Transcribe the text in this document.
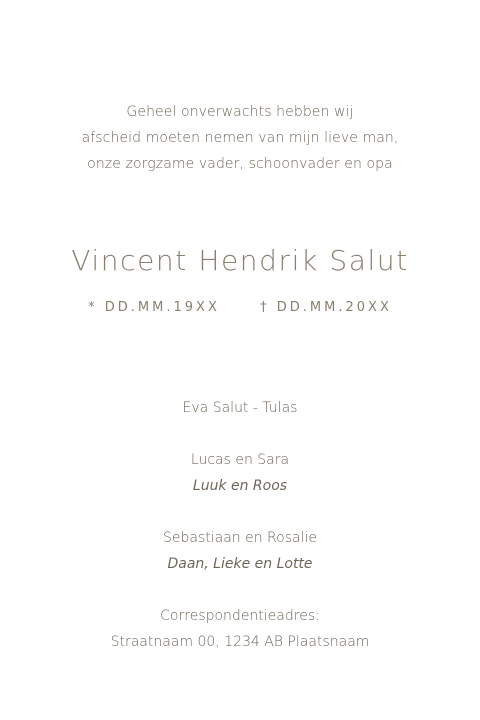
Geheel onverwachts hebben wij
afscheid moeten nemen van mijn lieve man,
onze zorgzame vader, schoonvader en opa
Vincent Hendrik Salut
* DD.MM.19XX	† DD.MM.20XX
Eva Salut - Tulas
Lucas en Sara
Luuk en Roos
Sebastiaan en Rosalie
Daan, Lieke en Lotte
Correspondentieadres:
Straatnaam 00, 1234 AB Plaatsnaam
